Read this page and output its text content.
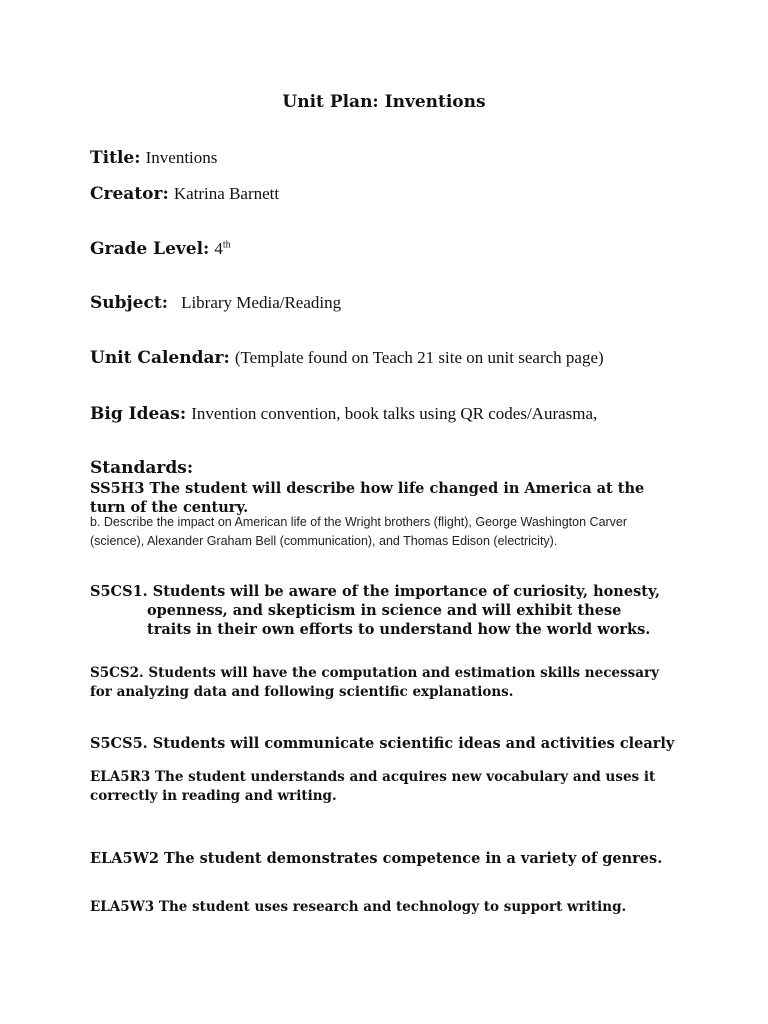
Unit Plan: Inventions
Title: Inventions
Creator: Katrina Barnett
Grade Level: 4th
Subject: Library Media/Reading
Unit Calendar: (Template found on Teach 21 site on unit search page)
Big Ideas: Invention convention, book talks using QR codes/Aurasma,
Standards:
SS5H3 The student will describe how life changed in America at the turn of the century.
b. Describe the impact on American life of the Wright brothers (flight), George Washington Carver (science), Alexander Graham Bell (communication), and Thomas Edison (electricity).
S5CS1. Students will be aware of the importance of curiosity, honesty, openness, and skepticism in science and will exhibit these traits in their own efforts to understand how the world works.
S5CS2. Students will have the computation and estimation skills necessary for analyzing data and following scientific explanations.
S5CS5. Students will communicate scientific ideas and activities clearly
ELA5R3 The student understands and acquires new vocabulary and uses it correctly in reading and writing.
ELA5W2 The student demonstrates competence in a variety of genres.
ELA5W3 The student uses research and technology to support writing.
